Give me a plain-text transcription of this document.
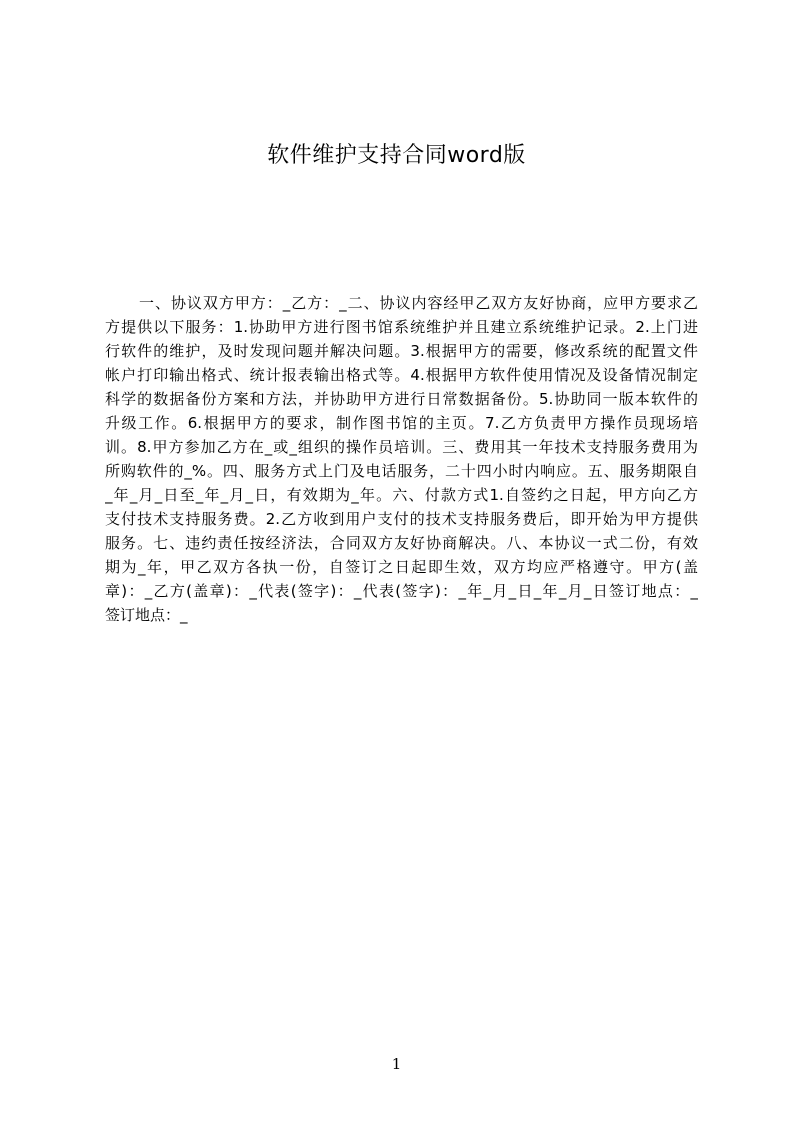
软件维护支持合同word版
一、协议双方甲方：_乙方：_二、协议内容经甲乙双方友好协商，应甲方要求乙
方提供以下服务：1.协助甲方进行图书馆系统维护并且建立系统维护记录。2.上门进
行软件的维护，及时发现问题并解决问题。3.根据甲方的需要，修改系统的配置文件
帐户打印输出格式、统计报表输出格式等。4.根据甲方软件使用情况及设备情况制定
科学的数据备份方案和方法，并协助甲方进行日常数据备份。5.协助同一版本软件的
升级工作。6.根据甲方的要求，制作图书馆的主页。7.乙方负责甲方操作员现场培
训。8.甲方参加乙方在_或_组织的操作员培训。三、费用其一年技术支持服务费用为
所购软件的_%。四、服务方式上门及电话服务，二十四小时内响应。五、服务期限自
_年_月_日至_年_月_日，有效期为_年。六、付款方式1.自签约之日起，甲方向乙方
支付技术支持服务费。2.乙方收到用户支付的技术支持服务费后，即开始为甲方提供
服务。七、违约责任按经济法，合同双方友好协商解决。八、本协议一式二份，有效
期为_年，甲乙双方各执一份，自签订之日起即生效，双方均应严格遵守。甲方(盖
章)：_乙方(盖章)：_代表(签字)：_代表(签字)：_年_月_日_年_月_日签订地点：_
签订地点：_
1
